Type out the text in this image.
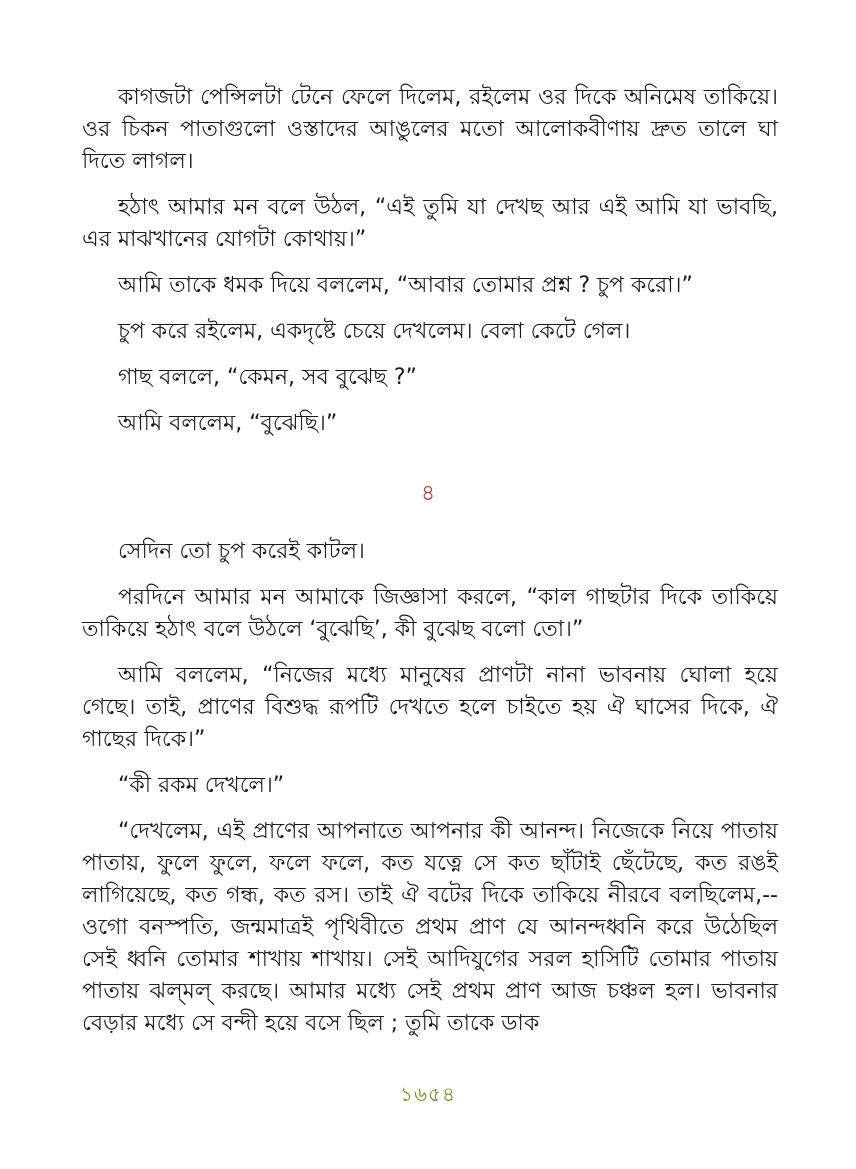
কাগজটা পেন্সিলটা টেনে ফেলে দিলেম, রইলেম ওর দিকে অনিমেষ তাকিয়ে। ওর চিকন পাতাগুলো ওস্তাদের আঙুলের মতো আলোকবীণায় দ্রুত তালে ঘা দিতে লাগল।

হঠাৎ আমার মন বলে উঠল, “এই তুমি যা দেখছ আর এই আমি যা ভাবছি, এর মাঝখানের যোগটা কোথায়।”

আমি তাকে ধমক দিয়ে বললেম, “আবার তোমার প্রশ্ন ? চুপ করো।”

চুপ করে রইলেম, একদৃষ্টে চেয়ে দেখলেম। বেলা কেটে গেল।

গাছ বললে, “কেমন, সব বুঝেছ ?”

আমি বললেম, “বুঝেছি।”

৪

সেদিন তো চুপ করেই কাটল।

পরদিনে আমার মন আমাকে জিজ্ঞাসা করলে, “কাল গাছটার দিকে তাকিয়ে তাকিয়ে হঠাৎ বলে উঠলে ‘বুঝেছি’, কী বুঝেছ বলো তো।”

আমি বললেম, “নিজের মধ্যে মানুষের প্রাণটা নানা ভাবনায় ঘোলা হয়ে গেছে। তাই, প্রাণের বিশুদ্ধ রূপটি দেখতে হলে চাইতে হয় ঐ ঘাসের দিকে, ঐ গাছের দিকে।”

“কী রকম দেখলে।”

“দেখলেম, এই প্রাণের আপনাতে আপনার কী আনন্দ। নিজেকে নিয়ে পাতায় পাতায়, ফুলে ফুলে, ফলে ফলে, কত যত্নে সে কত ছাঁটাই ছেঁটেছে, কত রঙই লাগিয়েছে, কত গন্ধ, কত রস। তাই ঐ বটের দিকে তাকিয়ে নীরবে বলছিলেম,-- ওগো বনস্পতি, জন্মমাত্রই পৃথিবীতে প্রথম প্রাণ যে আনন্দধ্বনি করে উঠেছিল সেই ধ্বনি তোমার শাখায় শাখায়। সেই আদিযুগের সরল হাসিটি তোমার পাতায় পাতায় ঝল্‌মল্‌ করছে। আমার মধ্যে সেই প্রথম প্রাণ আজ চঞ্চল হল। ভাবনার বেড়ার মধ্যে সে বন্দী হয়ে বসে ছিল ; তুমি তাকে ডাক

১৬৫৪
